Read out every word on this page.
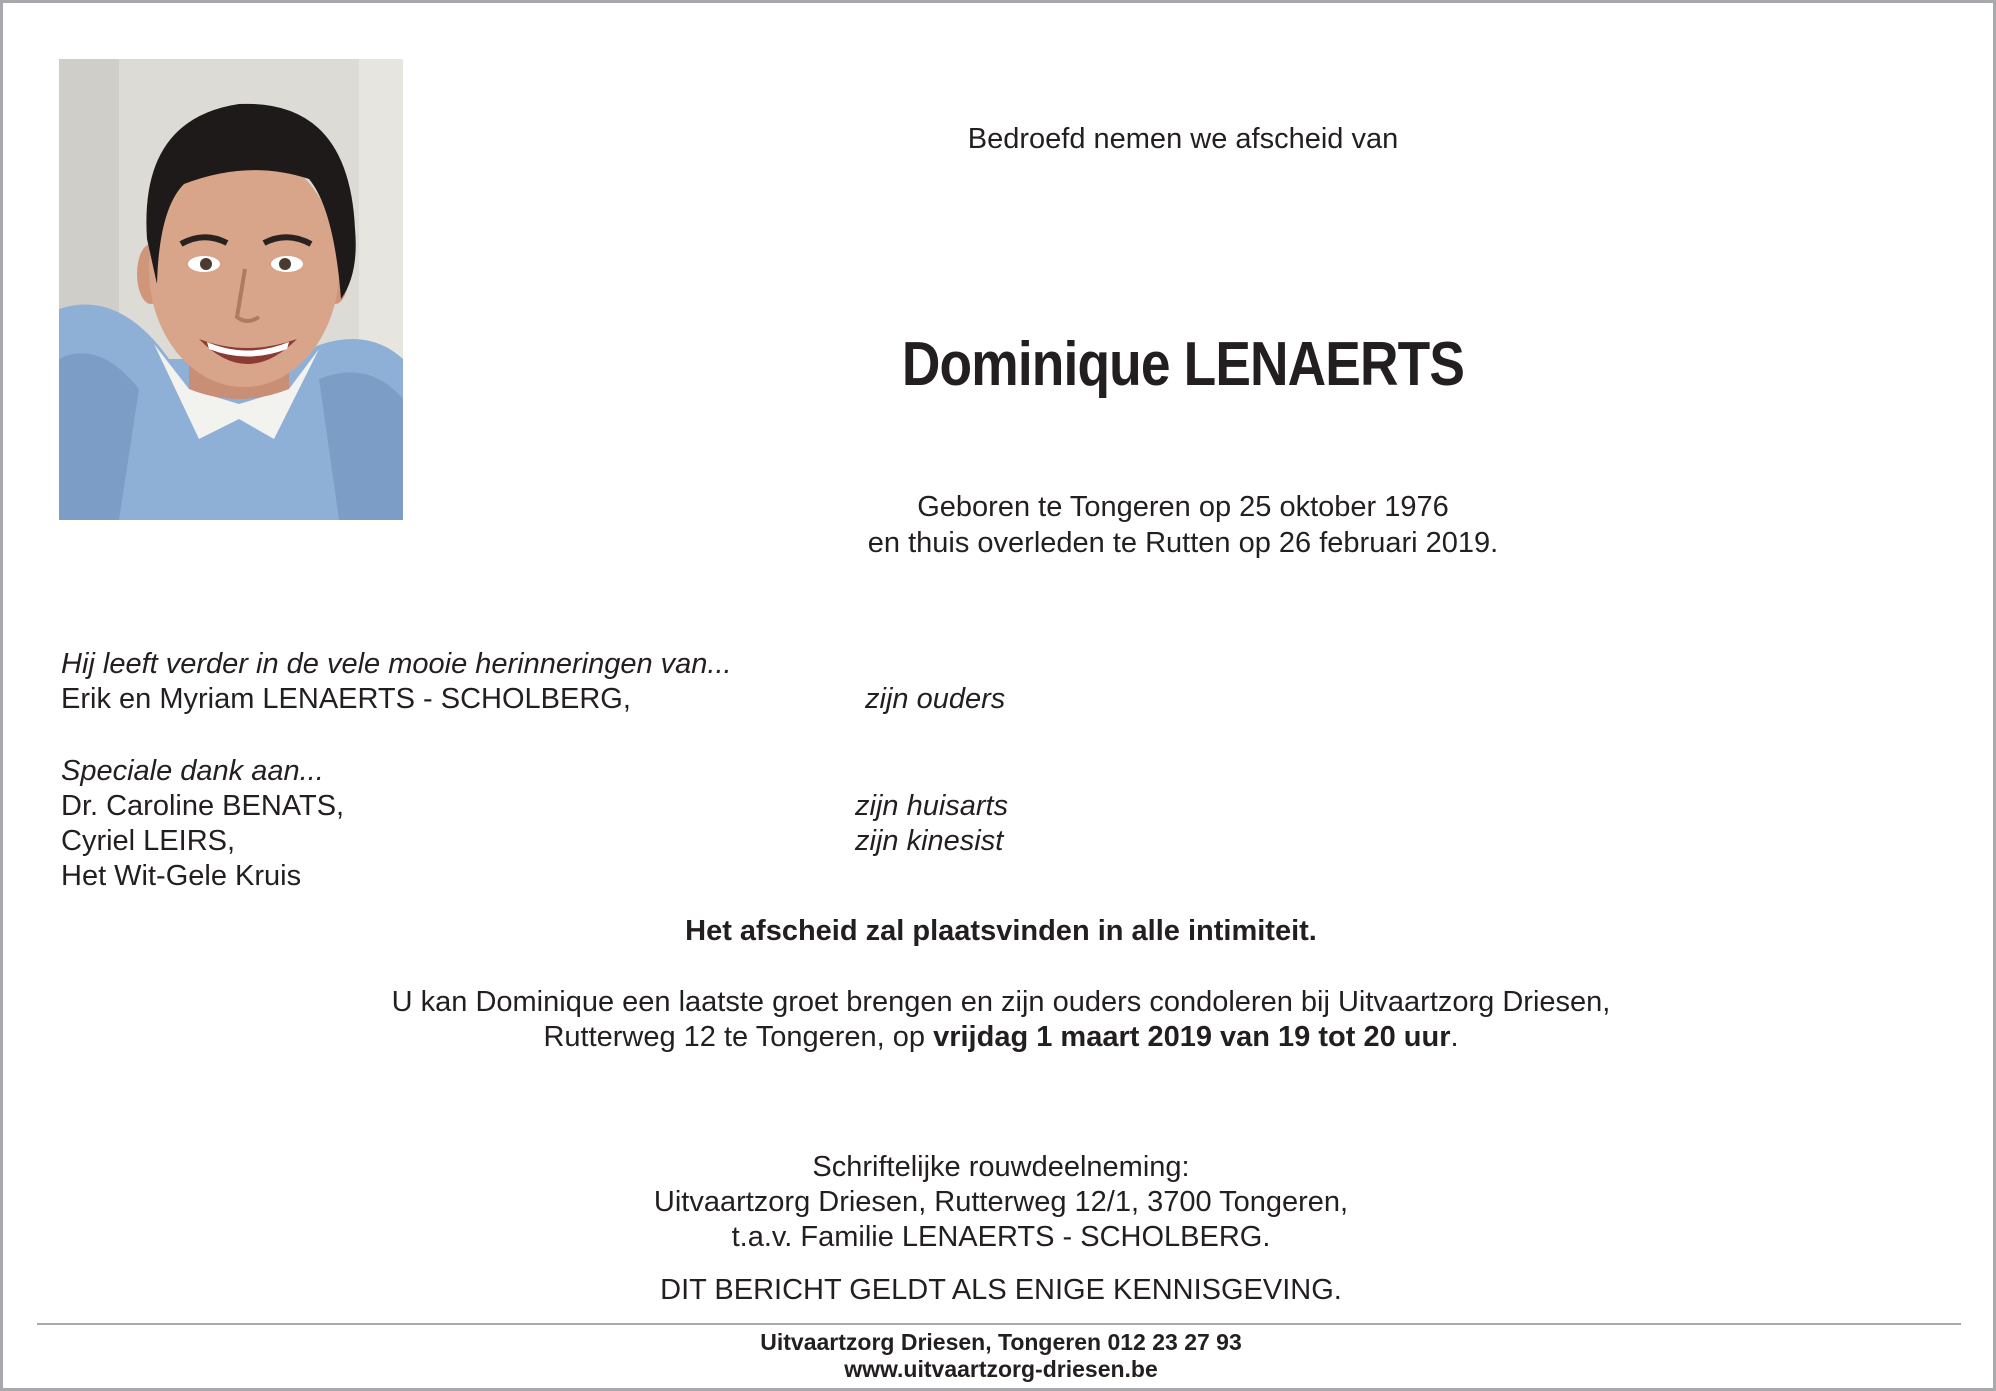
Bedroefd nemen we afscheid van
Dominique LENAERTS
Geboren te Tongeren op 25 oktober 1976
en thuis overleden te Rutten op 26 februari 2019.
Hij leeft verder in de vele mooie herinneringen van...
Erik en Myriam LENAERTS - SCHOLBERG,	zijn ouders
Speciale dank aan...
Dr. Caroline BENATS,	zijn huisarts
Cyriel LEIRS,	zijn kinesist
Het Wit-Gele Kruis
Het afscheid zal plaatsvinden in alle intimiteit.
U kan Dominique een laatste groet brengen en zijn ouders condoleren bij Uitvaartzorg Driesen,
Rutterweg 12 te Tongeren, op vrijdag 1 maart 2019 van 19 tot 20 uur.
Schriftelijke rouwdeelneming:
Uitvaartzorg Driesen, Rutterweg 12/1, 3700 Tongeren,
t.a.v. Familie LENAERTS - SCHOLBERG.
DIT BERICHT GELDT ALS ENIGE KENNISGEVING.
Uitvaartzorg Driesen, Tongeren 012 23 27 93
www.uitvaartzorg-driesen.be
